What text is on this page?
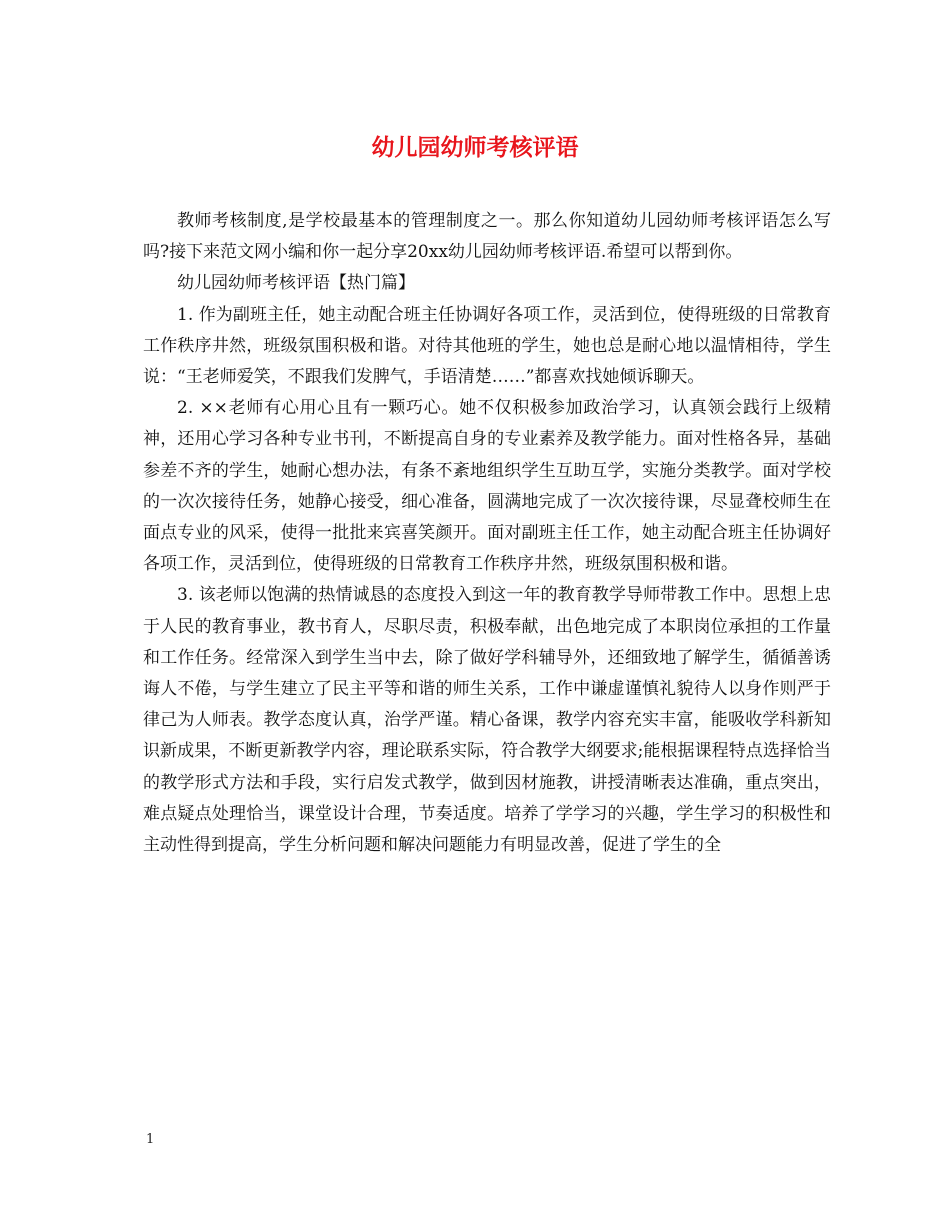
幼儿园幼师考核评语

教师考核制度,是学校最基本的管理制度之一。那么你知道幼儿园幼师考核评语怎么写吗?接下来范文网小编和你一起分享20xx幼儿园幼师考核评语.希望可以帮到你。

幼儿园幼师考核评语【热门篇】

1. 作为副班主任，她主动配合班主任协调好各项工作，灵活到位，使得班级的日常教育工作秩序井然，班级氛围积极和谐。对待其他班的学生，她也总是耐心地以温情相待，学生说：“王老师爱笑，不跟我们发脾气，手语清楚……”都喜欢找她倾诉聊天。

2. ××老师有心用心且有一颗巧心。她不仅积极参加政治学习，认真领会践行上级精神，还用心学习各种专业书刊，不断提高自身的专业素养及教学能力。面对性格各异，基础参差不齐的学生，她耐心想办法，有条不紊地组织学生互助互学，实施分类教学。面对学校的一次次接待任务，她静心接受，细心准备，圆满地完成了一次次接待课，尽显聋校师生在面点专业的风采，使得一批批来宾喜笑颜开。面对副班主任工作，她主动配合班主任协调好各项工作，灵活到位，使得班级的日常教育工作秩序井然，班级氛围积极和谐。

3. 该老师以饱满的热情诚恳的态度投入到这一年的教育教学导师带教工作中。思想上忠于人民的教育事业，教书育人，尽职尽责，积极奉献，出色地完成了本职岗位承担的工作量和工作任务。经常深入到学生当中去，除了做好学科辅导外，还细致地了解学生，循循善诱诲人不倦，与学生建立了民主平等和谐的师生关系，工作中谦虚谨慎礼貌待人以身作则严于律己为人师表。教学态度认真，治学严谨。精心备课，教学内容充实丰富，能吸收学科新知识新成果，不断更新教学内容，理论联系实际，符合教学大纲要求;能根据课程特点选择恰当的教学形式方法和手段，实行启发式教学，做到因材施教，讲授清晰表达准确，重点突出，难点疑点处理恰当，课堂设计合理，节奏适度。培养了学学习的兴趣，学生学习的积极性和主动性得到提高，学生分析问题和解决问题能力有明显改善，促进了学生的全

1
